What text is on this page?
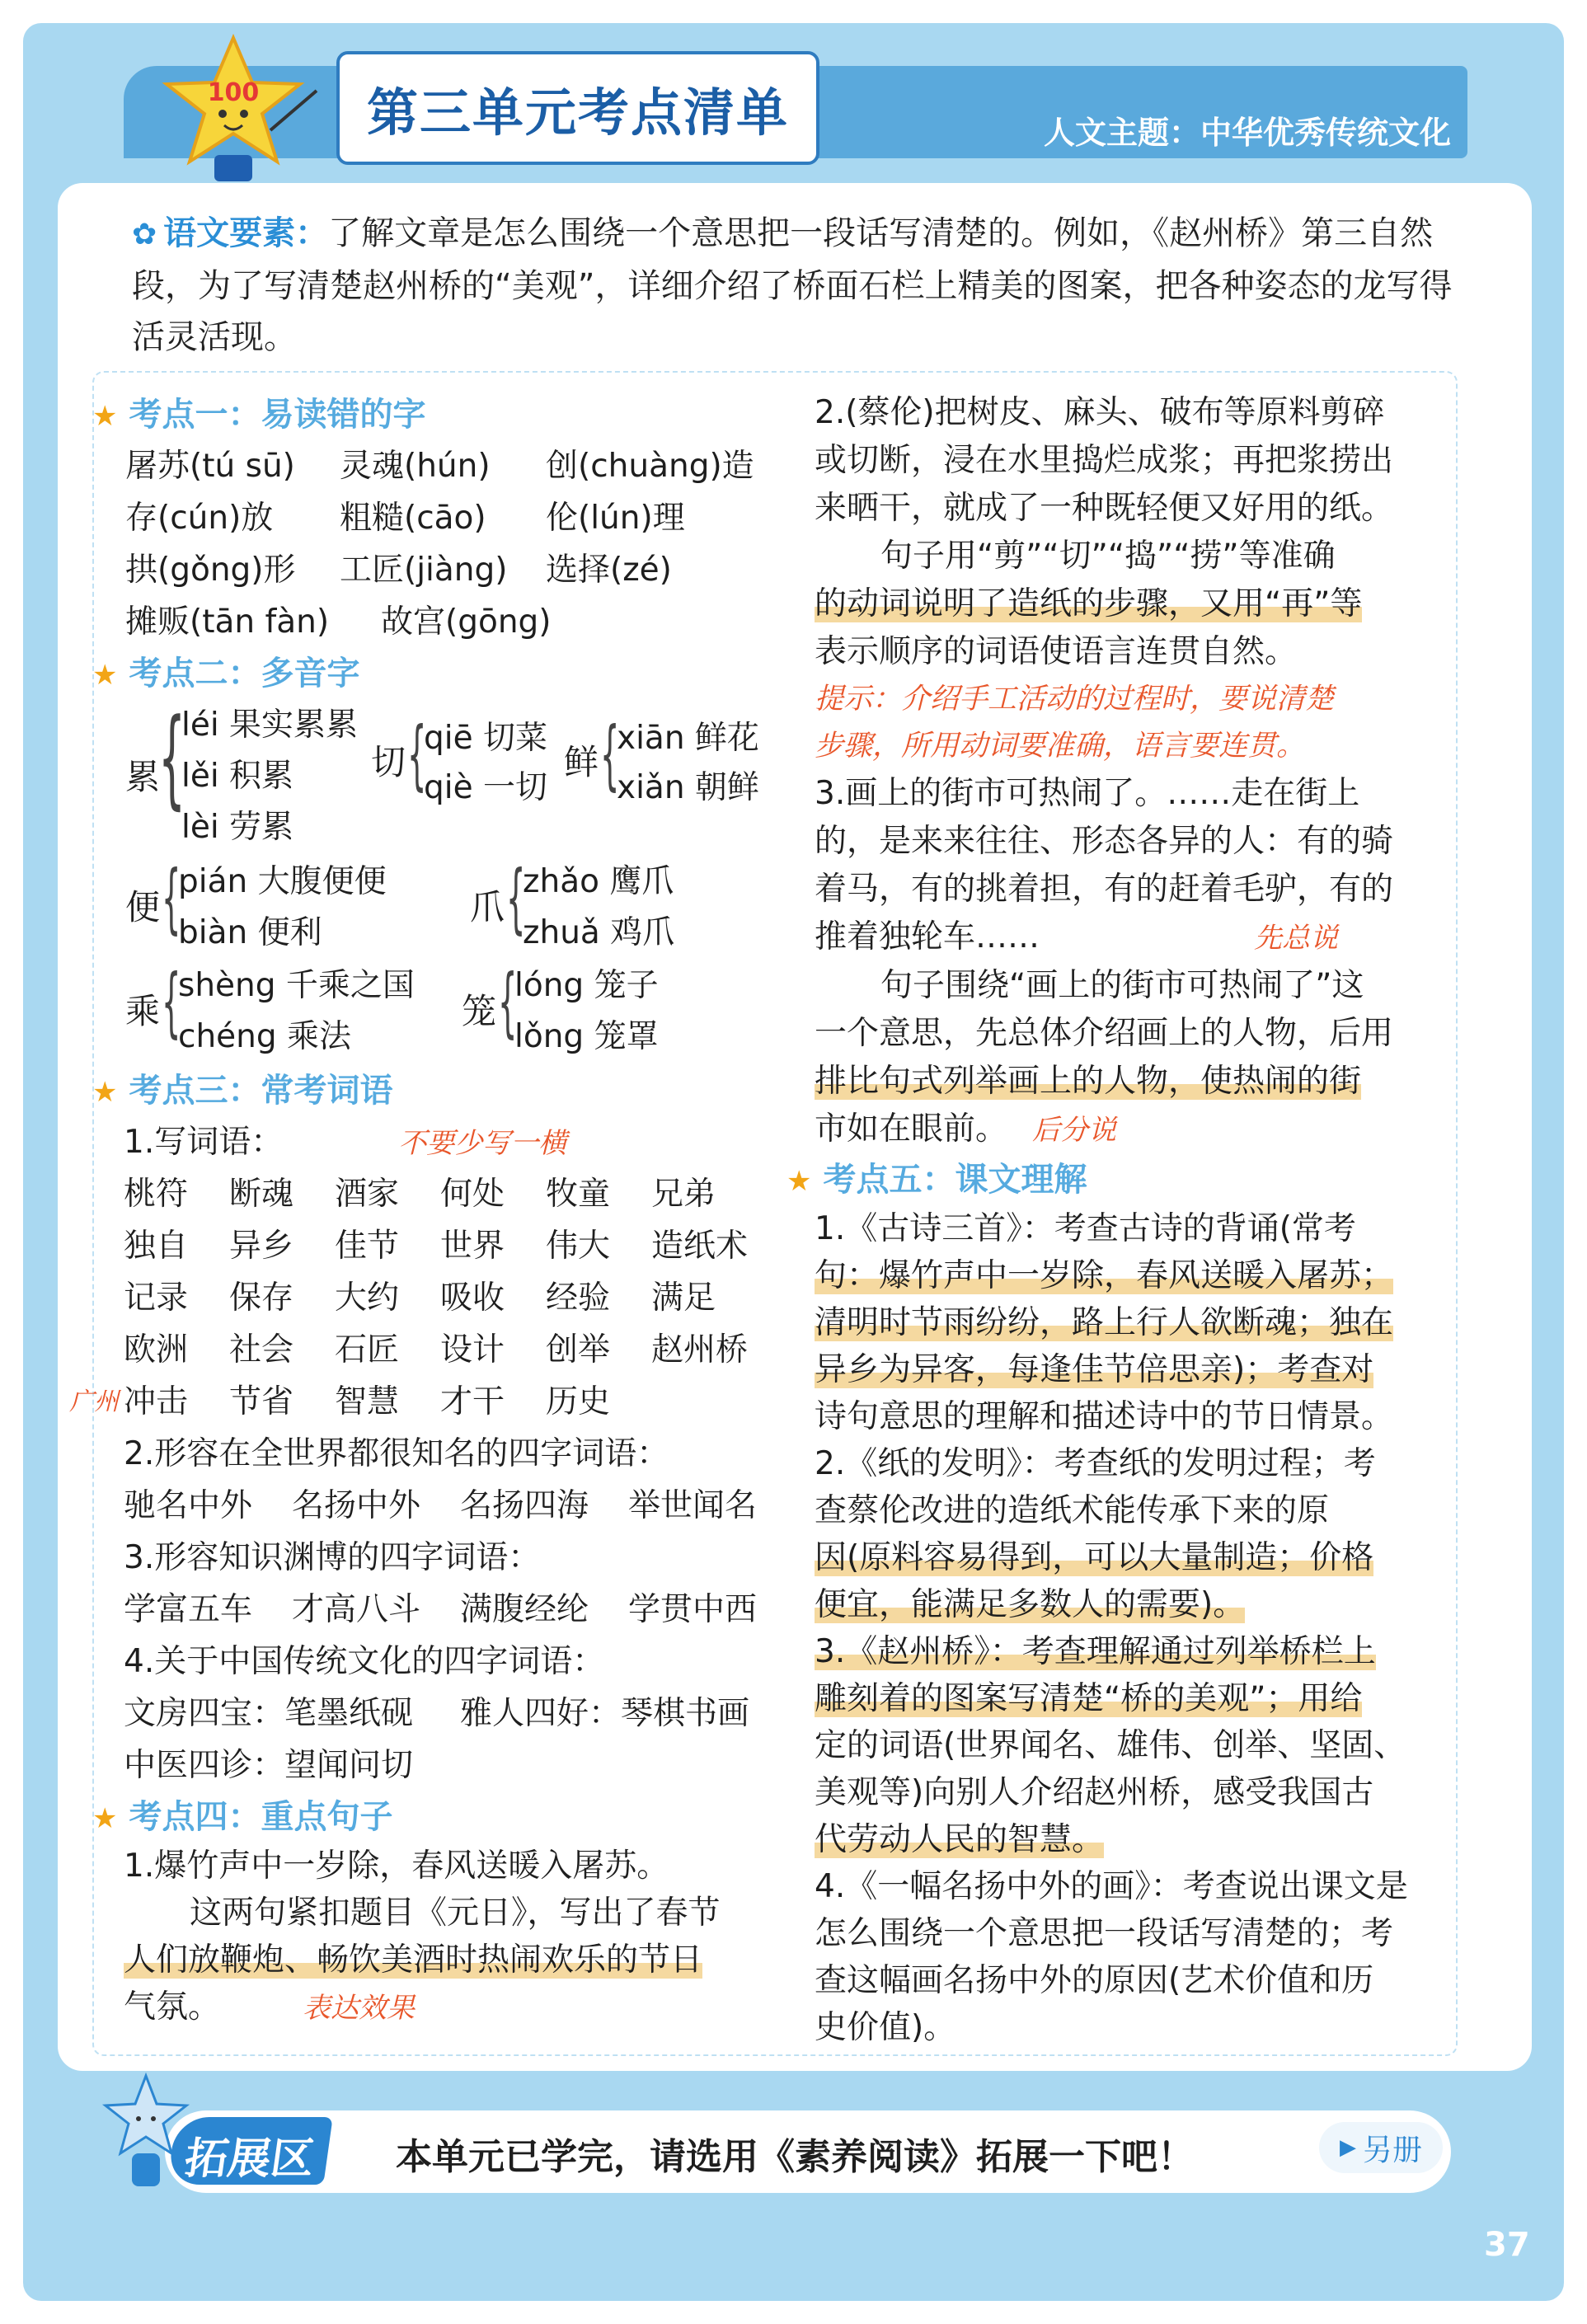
100	第三单元考点清单	人文主题：中华优秀传统文化
✿ 语文要素：了解文章是怎么围绕一个意思把一段话写清楚的。例如，《赵州桥》第三自然段，为了写清楚赵州桥的“美观”，详细介绍了桥面石栏上精美的图案，把各种姿态的龙写得活灵活现。
★ 考点一：易读错的字
屠苏(tú sū) 灵魂(hún) 创(chuàng)造
存(cún)放 粗糙(cāo) 伦(lún)理
拱(gǒng)形 工匠(jiàng) 选择(zé)
摊贩(tān fàn) 故宫(gōng)
★ 考点二：多音字
累
{
léi 果实累累
lěi 积累
lèi 劳累
切 {
qiē 切菜
qiè 一切
鲜 {
xiān 鲜花
xiǎn 朝鲜
便 {
pián 大腹便便
biàn 便利
爪 {
zhǎo 鹰爪
zhuǎ 鸡爪
乘 {
shèng 千乘之国
chéng 乘法
笼 {
lóng 笼子
lǒng 笼罩
★ 考点三：常考词语
1.写词语：	不要少写一横
桃符 断魂 酒家 何处 牧童 兄弟
独自 异乡 佳节 世界 伟大 造纸术
记录 保存 大约 吸收 经验 满足
欧洲 社会 石匠 设计 创举 赵州桥
广州 冲击 节省 智慧 才干 历史
2.形容在全世界都很知名的四字词语：
驰名中外 名扬中外 名扬四海 举世闻名
3.形容知识渊博的四字词语：
学富五车 才高八斗 满腹经纶 学贯中西
4.关于中国传统文化的四字词语：
文房四宝：笔墨纸砚 雅人四好：琴棋书画
中医四诊：望闻问切
★ 考点四：重点句子
1.爆竹声中一岁除，春风送暖入屠苏。
这两句紧扣题目《元日》，写出了春节
人们放鞭炮、畅饮美酒时热闹欢乐的节日
气氛。	表达效果
2.(蔡伦)把树皮、麻头、破布等原料剪碎
或切断，浸在水里捣烂成浆；再把浆捞出
来晒干，就成了一种既轻便又好用的纸。
句子用“剪”“切”“捣”“捞”等准确
的动词说明了造纸的步骤，又用“再”等
表示顺序的词语使语言连贯自然。
提示：介绍手工活动的过程时，要说清楚
步骤，所用动词要准确，语言要连贯。
3.画上的街市可热闹了。……走在街上
的，是来来往往、形态各异的人：有的骑
着马，有的挑着担，有的赶着毛驴，有的
推着独轮车……	先总说
句子围绕“画上的街市可热闹了”这
一个意思，先总体介绍画上的人物，后用
排比句式列举画上的人物，使热闹的街
市如在眼前。 后分说
★ 考点五：课文理解
1.《古诗三首》：考查古诗的背诵(常考
句：爆竹声中一岁除，春风送暖入屠苏；
清明时节雨纷纷，路上行人欲断魂；独在
异乡为异客，每逢佳节倍思亲)；考查对
诗句意思的理解和描述诗中的节日情景。
2.《纸的发明》：考查纸的发明过程；考
查蔡伦改进的造纸术能传承下来的原
因(原料容易得到，可以大量制造；价格
便宜，能满足多数人的需要)。
3.《赵州桥》：考查理解通过列举桥栏上
雕刻着的图案写清楚“桥的美观”；用给
定的词语(世界闻名、雄伟、创举、坚固、
美观等)向别人介绍赵州桥，感受我国古
代劳动人民的智慧。
4.《一幅名扬中外的画》：考查说出课文是
怎么围绕一个意思把一段话写清楚的；考
查这幅画名扬中外的原因(艺术价值和历
史价值)。
拓展区 本单元已学完，请选用《素养阅读》拓展一下吧！	▶ 另册
37
